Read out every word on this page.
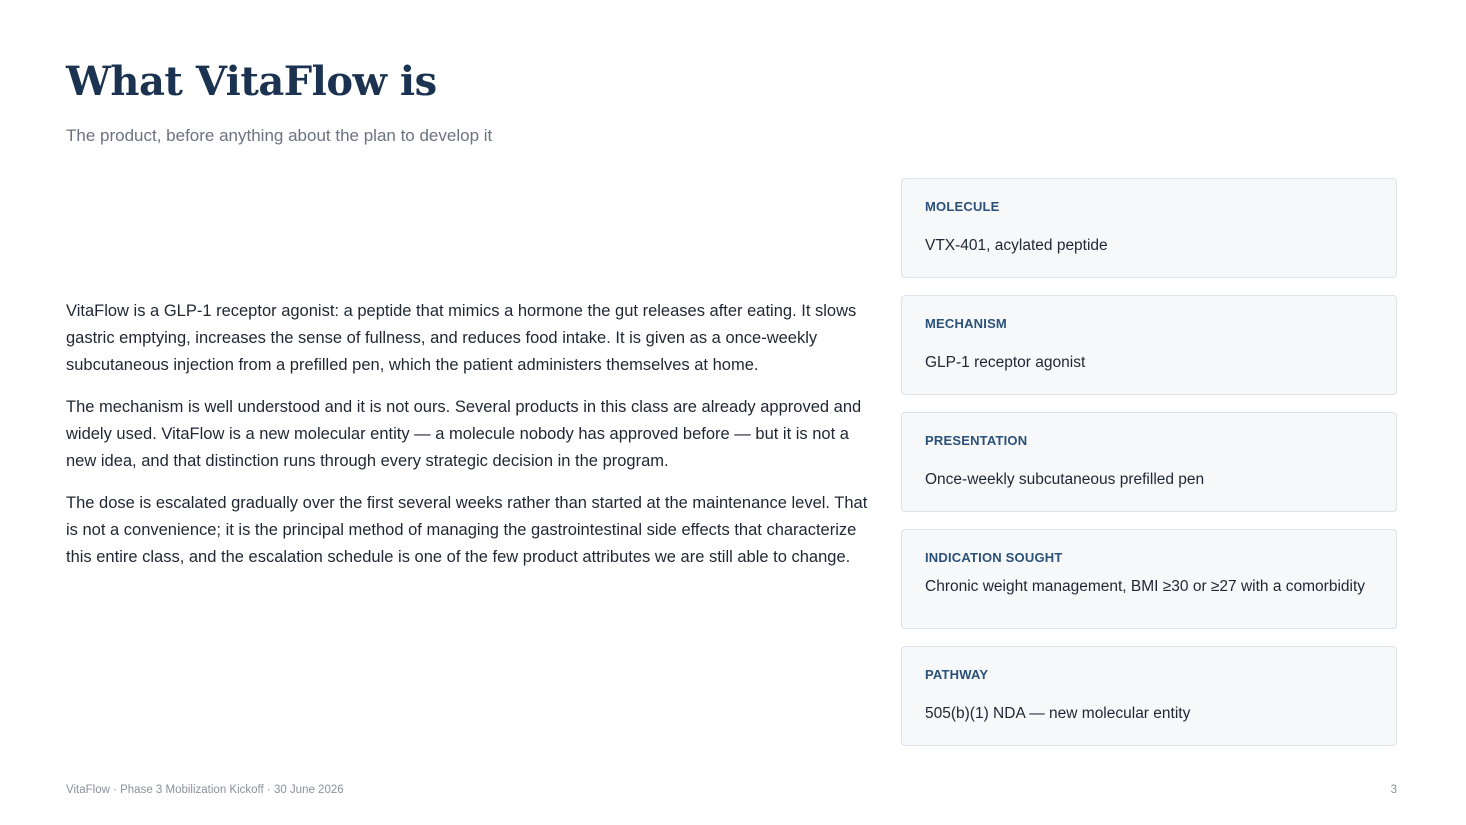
What VitaFlow is

The product, before anything about the plan to develop it

VitaFlow is a GLP-1 receptor agonist: a peptide that mimics a hormone the gut releases after eating. It slows gastric emptying, increases the sense of fullness, and reduces food intake. It is given as a once-weekly subcutaneous injection from a prefilled pen, which the patient administers themselves at home.

The mechanism is well understood and it is not ours. Several products in this class are already approved and widely used. VitaFlow is a new molecular entity — a molecule nobody has approved before — but it is not a new idea, and that distinction runs through every strategic decision in the program.

The dose is escalated gradually over the first several weeks rather than started at the maintenance level. That is not a convenience; it is the principal method of managing the gastrointestinal side effects that characterize this entire class, and the escalation schedule is one of the few product attributes we are still able to change.

MOLECULE
VTX-401, acylated peptide
MECHANISM
GLP-1 receptor agonist
PRESENTATION
Once-weekly subcutaneous prefilled pen
INDICATION SOUGHT
Chronic weight management, BMI ≥30 or ≥27 with a comorbidity
PATHWAY
505(b)(1) NDA — new molecular entity
VitaFlow · Phase 3 Mobilization Kickoff · 30 June 2026	3
